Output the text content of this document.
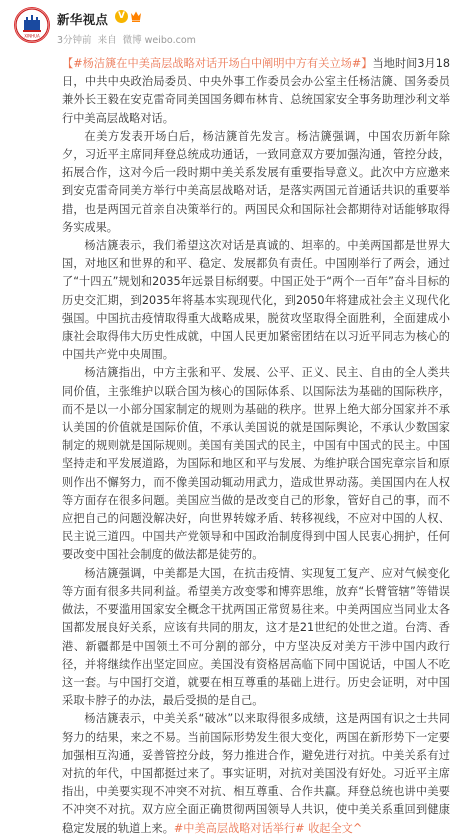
XINHUA
新华视点	V
3分钟前 来自 微博 weibo.com

【#杨洁篪在中美高层战略对话开场白中阐明中方有关立场#】当地时间3月18日，中共中央政治局委员、中央外事工作委员会办公室主任杨洁篪、国务委员兼外长王毅在安克雷奇同美国国务卿布林肯、总统国家安全事务助理沙利文举行中美高层战略对话。

在美方发表开场白后，杨洁篪首先发言。杨洁篪强调，中国农历新年除夕，习近平主席同拜登总统成功通话，一致同意双方要加强沟通，管控分歧，拓展合作，这对今后一段时期中美关系发展有重要指导意义。此次中方应邀来到安克雷奇同美方举行中美高层战略对话，是落实两国元首通话共识的重要举措，也是两国元首亲自决策举行的。两国民众和国际社会都期待对话能够取得务实成果。

杨洁篪表示，我们希望这次对话是真诚的、坦率的。中美两国都是世界大国，对地区和世界的和平、稳定、发展都负有责任。中国刚举行了两会，通过了“十四五”规划和2035年远景目标纲要。中国正处于“两个一百年”奋斗目标的历史交汇期，到2035年将基本实现现代化，到2050年将建成社会主义现代化强国。中国抗击疫情取得重大战略成果，脱贫攻坚取得全面胜利，全面建成小康社会取得伟大历史性成就，中国人民更加紧密团结在以习近平同志为核心的中国共产党中央周围。

杨洁篪指出，中方主张和平、发展、公平、正义、民主、自由的全人类共同价值，主张维护以联合国为核心的国际体系、以国际法为基础的国际秩序，而不是以一小部分国家制定的规则为基础的秩序。世界上绝大部分国家并不承认美国的价值就是国际价值，不承认美国说的就是国际舆论，不承认少数国家制定的规则就是国际规则。美国有美国式的民主，中国有中国式的民主。中国坚持走和平发展道路，为国际和地区和平与发展、为维护联合国宪章宗旨和原则作出不懈努力，而不像美国动辄动用武力，造成世界动荡。美国国内在人权等方面存在很多问题。美国应当做的是改变自己的形象，管好自己的事，而不应把自己的问题没解决好，向世界转嫁矛盾、转移视线，不应对中国的人权、民主说三道四。中国共产党领导和中国政治制度得到中国人民衷心拥护，任何要改变中国社会制度的做法都是徒劳的。

杨洁篪强调，中美都是大国，在抗击疫情、实现复工复产、应对气候变化等方面有很多共同利益。希望美方改变零和博弈思维，放弃“长臂管辖”等错误做法，不要滥用国家安全概念干扰两国正常贸易往来。中美两国应当同业太各国都发展良好关系，应该有共同的朋友，这才是21世纪的处世之道。台湾、香港、新疆都是中国领土不可分割的部分，中方坚决反对美方干涉中国内政行径，并将继续作出坚定回应。美国没有资格居高临下同中国说话，中国人不吃这一套。与中国打交道，就要在相互尊重的基础上进行。历史会证明，对中国采取卡脖子的办法，最后受损的是自己。

杨洁篪表示，中美关系“破冰”以来取得很多成绩，这是两国有识之士共同努力的结果，来之不易。当前国际形势发生很大变化，两国在新形势下一定要加强相互沟通，妥善管控分歧，努力推进合作，避免进行对抗。中美关系有过对抗的年代，中国都挺过来了。事实证明，对抗对美国没有好处。习近平主席指出，中美要实现不冲突不对抗、相互尊重、合作共赢。拜登总统也讲中美要不冲突不对抗。双方应全面正确贯彻两国领导人共识，使中美关系重回到健康稳定发展的轨道上来。#中美高层战略对话举行# 收起全文^
